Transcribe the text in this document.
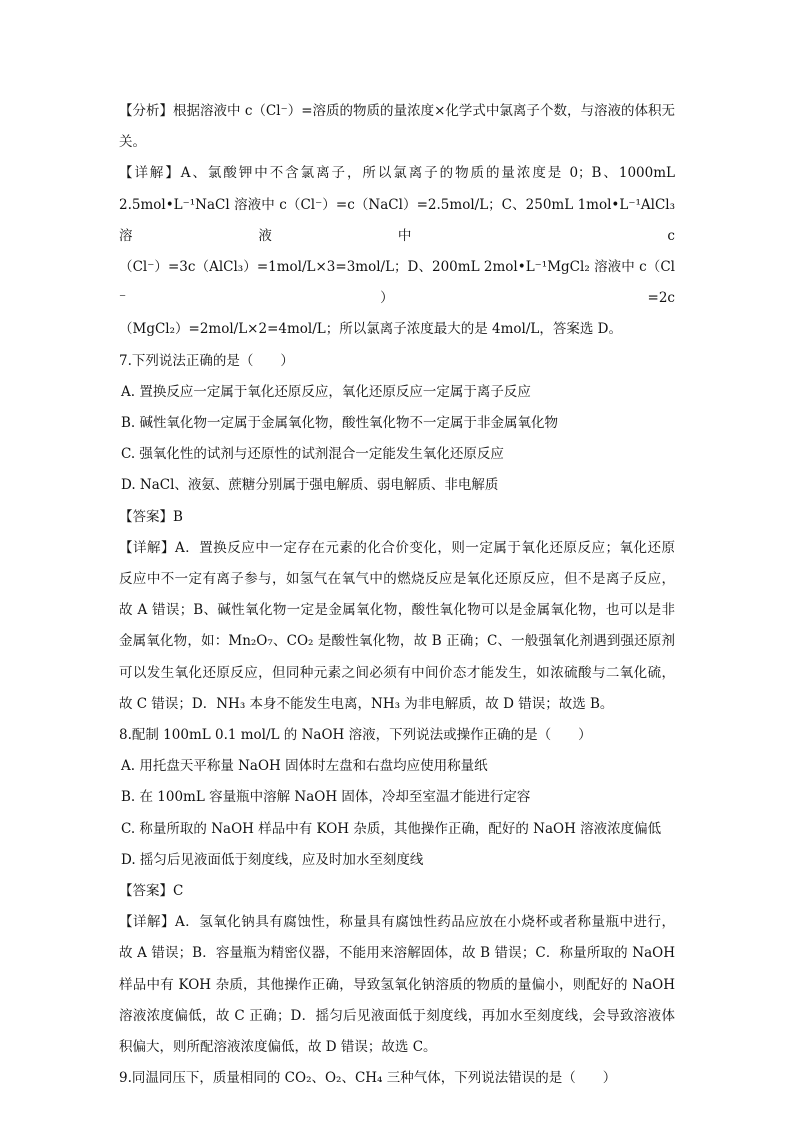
【分析】根据溶液中 c（Cl⁻）=溶质的物质的量浓度×化学式中氯离子个数，与溶液的体积无

关。

【详解】A、氯酸钾中不含氯离子，所以氯离子的物质的量浓度是 0；B、1000mL

2.5mol•L⁻¹NaCl 溶液中 c（Cl⁻）=c（NaCl）=2.5mol/L；C、250mL 1mol•L⁻¹AlCl₃ 溶液中 c

（Cl⁻）=3c（AlCl₃）=1mol/L×3=3mol/L；D、200mL 2mol•L⁻¹MgCl₂ 溶液中 c（Cl⁻）=2c

（MgCl₂）=2mol/L×2=4mol/L；所以氯离子浓度最大的是 4mol/L，答案选 D。

7.下列说法正确的是（　　）

A. 置换反应一定属于氧化还原反应，氧化还原反应一定属于离子反应

B. 碱性氧化物一定属于金属氧化物，酸性氧化物不一定属于非金属氧化物

C. 强氧化性的试剂与还原性的试剂混合一定能发生氧化还原反应

D. NaCl、液氨、蔗糖分别属于强电解质、弱电解质、非电解质

【答案】B

【详解】A．置换反应中一定存在元素的化合价变化，则一定属于氧化还原反应；氧化还原

反应中不一定有离子参与，如氢气在氧气中的燃烧反应是氧化还原反应，但不是离子反应，

故 A 错误；B、碱性氧化物一定是金属氧化物，酸性氧化物可以是金属氧化物，也可以是非

金属氧化物，如：Mn₂O₇、CO₂ 是酸性氧化物，故 B 正确；C、一般强氧化剂遇到强还原剂

可以发生氧化还原反应，但同种元素之间必须有中间价态才能发生，如浓硫酸与二氧化硫，

故 C 错误；D．NH₃ 本身不能发生电离，NH₃ 为非电解质，故 D 错误；故选 B。

8.配制 100mL 0.1 mol/L 的 NaOH 溶液，下列说法或操作正确的是（　　）

A. 用托盘天平称量 NaOH 固体时左盘和右盘均应使用称量纸

B. 在 100mL 容量瓶中溶解 NaOH 固体，冷却至室温才能进行定容

C. 称量所取的 NaOH 样品中有 KOH 杂质，其他操作正确，配好的 NaOH 溶液浓度偏低

D. 摇匀后见液面低于刻度线，应及时加水至刻度线

【答案】C

【详解】A．氢氧化钠具有腐蚀性，称量具有腐蚀性药品应放在小烧杯或者称量瓶中进行，

故 A 错误；B．容量瓶为精密仪器，不能用来溶解固体，故 B 错误；C．称量所取的 NaOH

样品中有 KOH 杂质，其他操作正确，导致氢氧化钠溶质的物质的量偏小，则配好的 NaOH

溶液浓度偏低，故 C 正确；D．摇匀后见液面低于刻度线，再加水至刻度线，会导致溶液体

积偏大，则所配溶液浓度偏低，故 D 错误；故选 C。

9.同温同压下，质量相同的 CO₂、O₂、CH₄ 三种气体，下列说法错误的是（　　）
